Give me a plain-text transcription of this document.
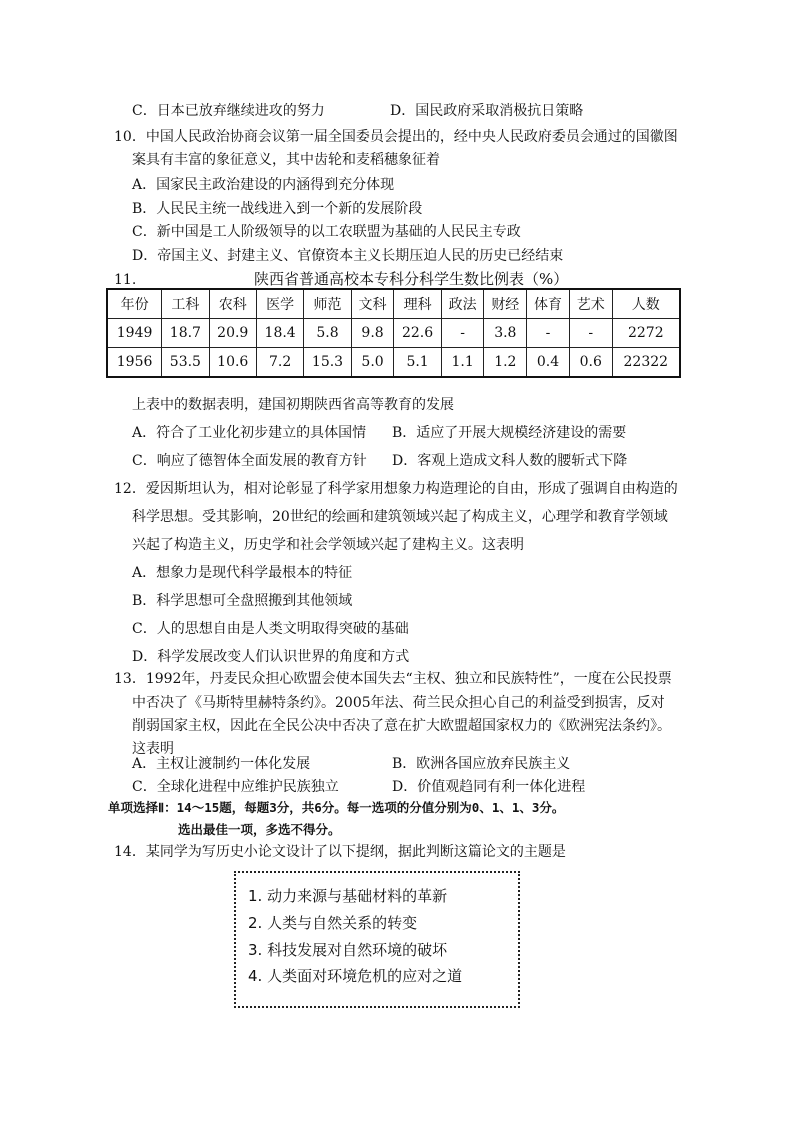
C．日本已放弃继续进攻的努力	D．国民政府采取消极抗日策略
10．中国人民政治协商会议第一届全国委员会提出的，经中央人民政府委员会通过的国徽图
案具有丰富的象征意义，其中齿轮和麦稻穗象征着
A．国家民主政治建设的内涵得到充分体现
B．人民民主统一战线进入到一个新的发展阶段
C．新中国是工人阶级领导的以工农联盟为基础的人民民主专政
D．帝国主义、封建主义、官僚资本主义长期压迫人民的历史已经结束
11.	陕西省普通高校本专科分科学生数比例表（%）
年份	工科	农科	医学	师范	文科	理科	政法	财经	体育	艺术	人数
1949	18.7	20.9	18.4	5.8	9.8	22.6	-	3.8	-	-	2272
1956	53.5	10.6	7.2	15.3	5.0	5.1	1.1	1.2	0.4	0.6	22322
上表中的数据表明，建国初期陕西省高等教育的发展
A．符合了工业化初步建立的具体国情 B．适应了开展大规模经济建设的需要
C．响应了德智体全面发展的教育方针 D．客观上造成文科人数的腰斩式下降
12．爱因斯坦认为，相对论彰显了科学家用想象力构造理论的自由，形成了强调自由构造的
科学思想。受其影响，20世纪的绘画和建筑领域兴起了构成主义，心理学和教育学领域
兴起了构造主义，历史学和社会学领域兴起了建构主义。这表明
A．想象力是现代科学最根本的特征
B．科学思想可全盘照搬到其他领域
C．人的思想自由是人类文明取得突破的基础
D．科学发展改变人们认识世界的角度和方式
13．1992年，丹麦民众担心欧盟会使本国失去“主权、独立和民族特性”，一度在公民投票
中否决了《马斯特里赫特条约》。2005年法、荷兰民众担心自己的利益受到损害，反对
削弱国家主权，因此在全民公决中否决了意在扩大欧盟超国家权力的《欧洲宪法条约》。
这表明
A．主权让渡制约一体化发展	B．欧洲各国应放弃民族主义
C．全球化进程中应维护民族独立	D．价值观趋同有利一体化进程
单项选择Ⅱ：14～15题，每题3分，共6分。每一选项的分值分别为0、1、1、3分。
选出最佳一项，多选不得分。
14．某同学为写历史小论文设计了以下提纲，据此判断这篇论文的主题是
1. 动力来源与基础材料的革新
2. 人类与自然关系的转变
3. 科技发展对自然环境的破坏
4. 人类面对环境危机的应对之道
